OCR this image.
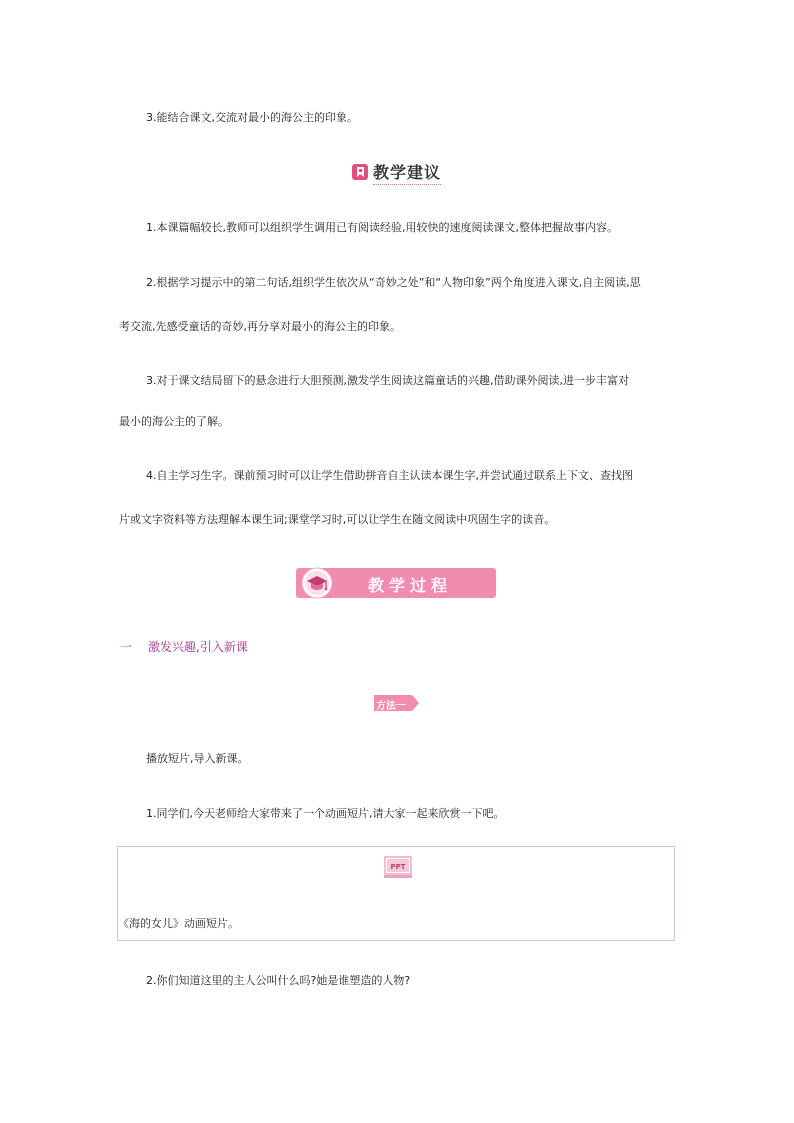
3.能结合课文,交流对最小的海公主的印象。
教学建议
1.本课篇幅较长,教师可以组织学生调用已有阅读经验,用较快的速度阅读课文,整体把握故事内容。
2.根据学习提示中的第二句话,组织学生依次从“奇妙之处”和“人物印象”两个角度进入课文,自主阅读,思
考交流,先感受童话的奇妙,再分享对最小的海公主的印象。
3.对于课文结局留下的悬念进行大胆预测,激发学生阅读这篇童话的兴趣,借助课外阅读,进一步丰富对
最小的海公主的了解。
4.自主学习生字。课前预习时可以让学生借助拼音自主认读本课生字,并尝试通过联系上下文、查找图
片或文字资料等方法理解本课生词;课堂学习时,可以让学生在随文阅读中巩固生字的读音。
教学过程
一 激发兴趣,引入新课
方法一
播放短片,导入新课。
1.同学们,今天老师给大家带来了一个动画短片,请大家一起来欣赏一下吧。
PPT
《海的女儿》动画短片。
2.你们知道这里的主人公叫什么吗?她是谁塑造的人物?
